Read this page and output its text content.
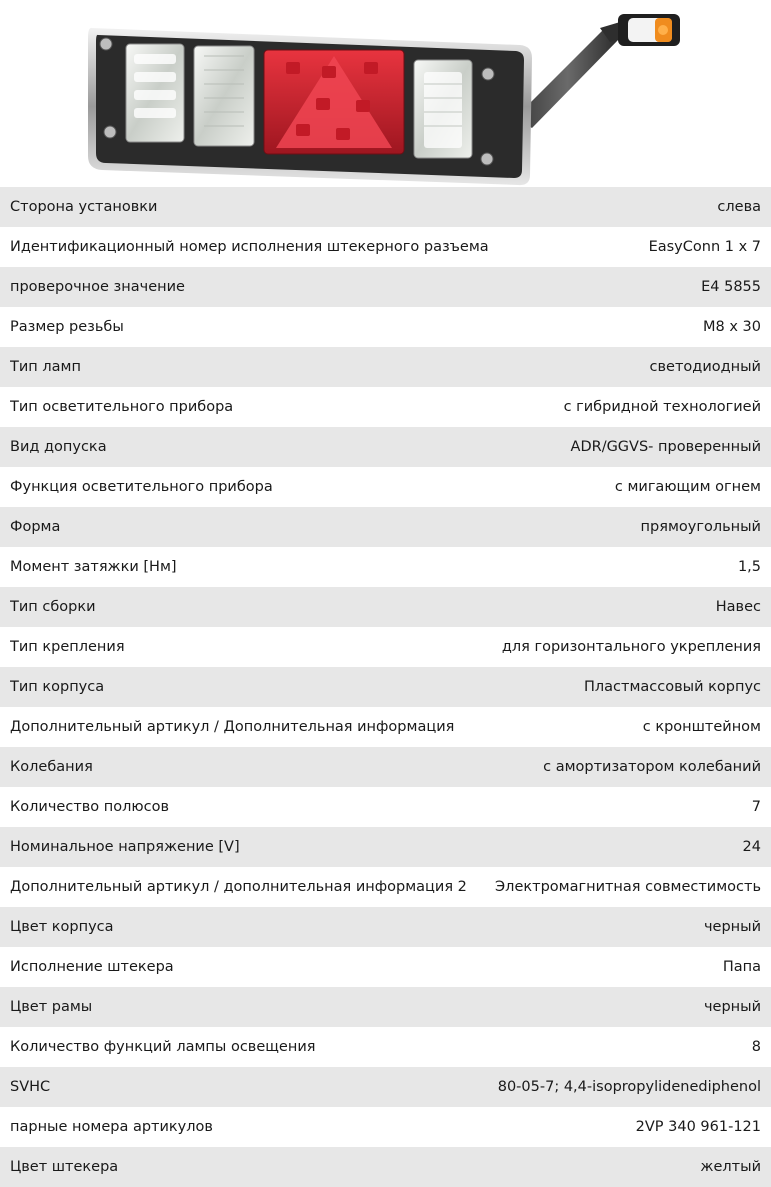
Сторона установки	слева
Идентификационный номер исполнения штекерного разъема	EasyConn 1 x 7
проверочное значение	E4 5855
Размер резьбы	M8 x 30
Тип ламп	светодиодный
Тип осветительного прибора	с гибридной технологией
Вид допуска	ADR/GGVS- проверенный
Функция осветительного прибора	с мигающим огнем
Форма	прямоугольный
Момент затяжки [Нм]	1,5
Тип сборки	Навес
Тип крепления	для горизонтального укрепления
Тип корпуса	Пластмассовый корпус
Дополнительный артикул / Дополнительная информация	с кронштейном
Колебания	с амортизатором колебаний
Количество полюсов	7
Номинальное напряжение [V]	24
Дополнительный артикул / дополнительная информация 2	Электромагнитная совместимость
Цвет корпуса	черный
Исполнение штекера	Папа
Цвет рамы	черный
Количество функций лампы освещения	8
SVHC	80-05-7; 4,4-isopropylidenediphenol
парные номера артикулов	2VP 340 961-121
Цвет штекера	желтый
